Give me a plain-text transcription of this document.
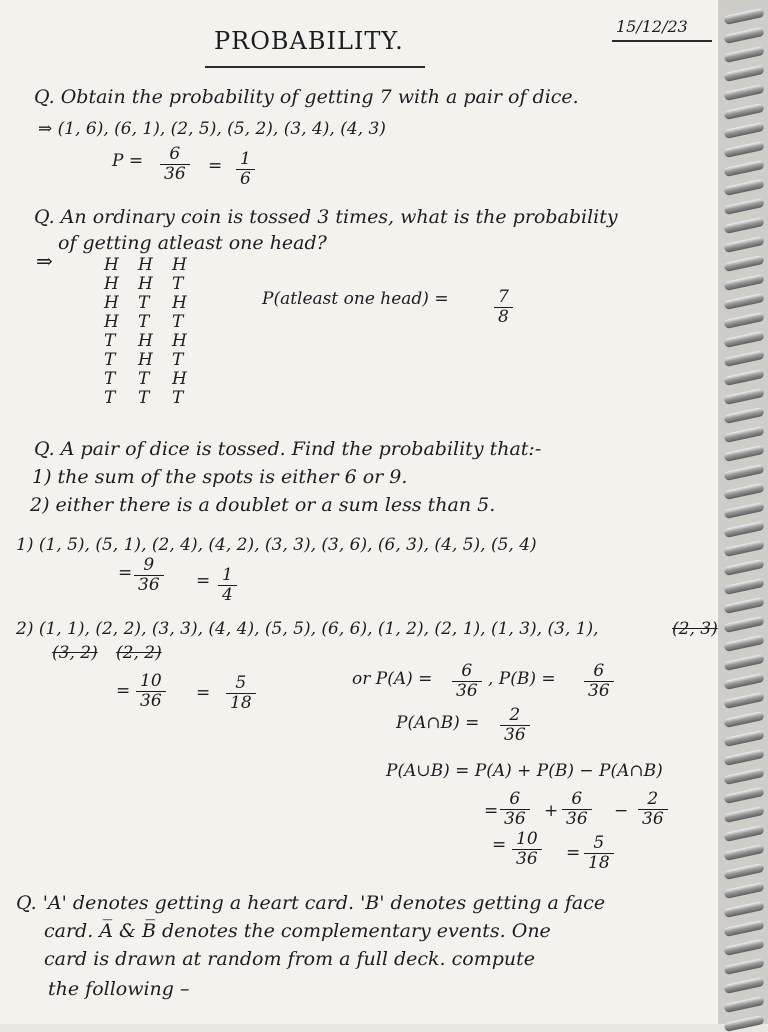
15/12/23
PROBABILITY.
Q. Obtain the probability of getting 7 with a pair of dice.
⇒ (1, 6), (6, 1), (2, 5), (5, 2), (3, 4), (4, 3)
$P = \frac{6}{36} = \frac{1}{6}$
Q. An ordinary coin is tossed 3 times, what is the probability
of getting atleast one head?
⇒	H H H
H H T
H T H
H T T
T H H
T H T
T T H
T T T
P(atleast one head) =	$\frac{7}{8}$
Q. A pair of dice is tossed. Find the probability that:-
1) the sum of the spots is either 6 or 9.
2) either there is a doublet or a sum less than 5.
1) (1, 5), (5, 1), (2, 4), (4, 2), (3, 3), (3, 6), (6, 3), (4, 5), (5, 4)
= $\frac{9}{36} = \frac{1}{4}$
2) (1, 1), (2, 2), (3, 3), (4, 4), (5, 5), (6, 6), (1, 2), (2, 1), (1, 3), (3, 1),	(2, 3)
(3, 2) (2, 2)
= $\frac{10}{36} = \frac{5}{18}$	or $P(A) = \frac{6}{36}$ , $P(B) = \frac{6}{36}$
P(A∩B) = $\frac{2}{36}$
P(A∪B) = P(A) + P(B) − P(A∩B)
= $\frac{6}{36} + \frac{6}{36} - \frac{2}{36}$
= $\frac{10}{36} = \frac{5}{18}$
Q. 'A' denotes getting a heart card. 'B' denotes getting a face
card. A̅ & B̅ denotes the complementary events. One
card is drawn at random from a full deck. compute
the following –
